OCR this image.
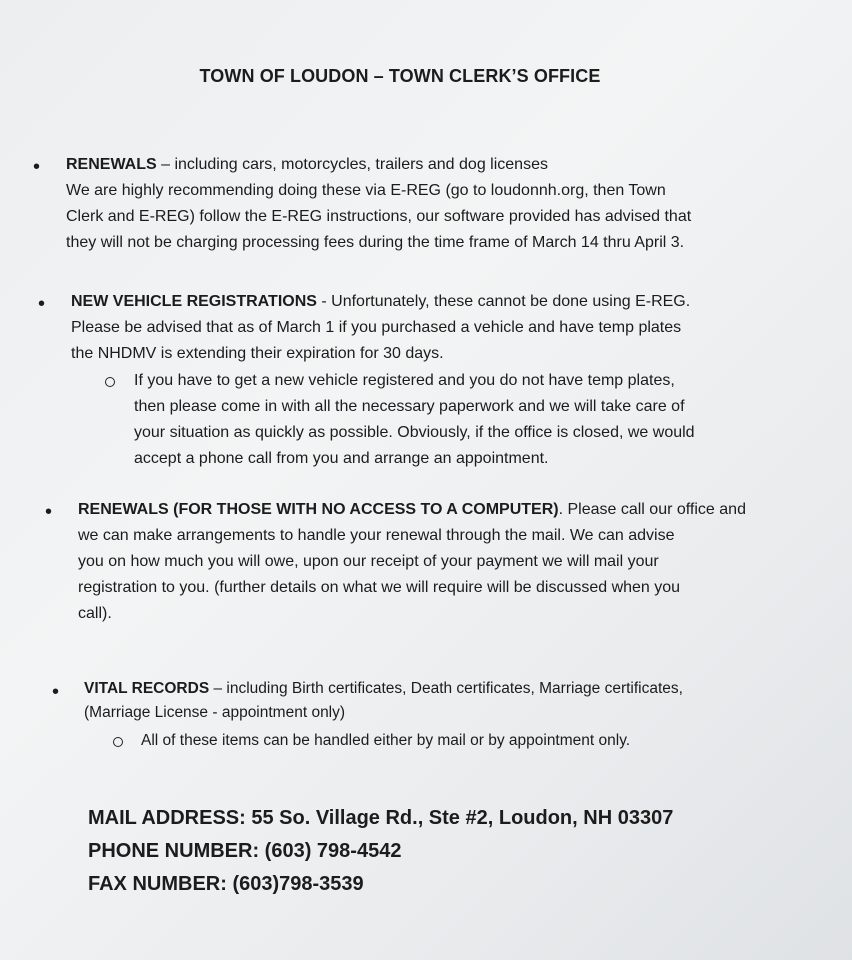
TOWN OF LOUDON – TOWN CLERK’S OFFICE
• RENEWALS – including cars, motorcycles, trailers and dog licenses
We are highly recommending doing these via E-REG (go to loudonnh.org, then Town
Clerk and E-REG) follow the E-REG instructions, our software provided has advised that
they will not be charging processing fees during the time frame of March 14 thru April 3.
• NEW VEHICLE REGISTRATIONS - Unfortunately, these cannot be done using E-REG.
Please be advised that as of March 1 if you purchased a vehicle and have temp plates
the NHDMV is extending their expiration for 30 days.
If you have to get a new vehicle registered and you do not have temp plates,
then please come in with all the necessary paperwork and we will take care of
your situation as quickly as possible. Obviously, if the office is closed, we would
accept a phone call from you and arrange an appointment.
• RENEWALS (FOR THOSE WITH NO ACCESS TO A COMPUTER). Please call our office and
we can make arrangements to handle your renewal through the mail. We can advise
you on how much you will owe, upon our receipt of your payment we will mail your
registration to you. (further details on what we will require will be discussed when you
call).
• VITAL RECORDS – including Birth certificates, Death certificates, Marriage certificates,
(Marriage License - appointment only)
All of these items can be handled either by mail or by appointment only.
MAIL ADDRESS: 55 So. Village Rd., Ste #2, Loudon, NH 03307
PHONE NUMBER: (603) 798-4542
FAX NUMBER: (603)798-3539
